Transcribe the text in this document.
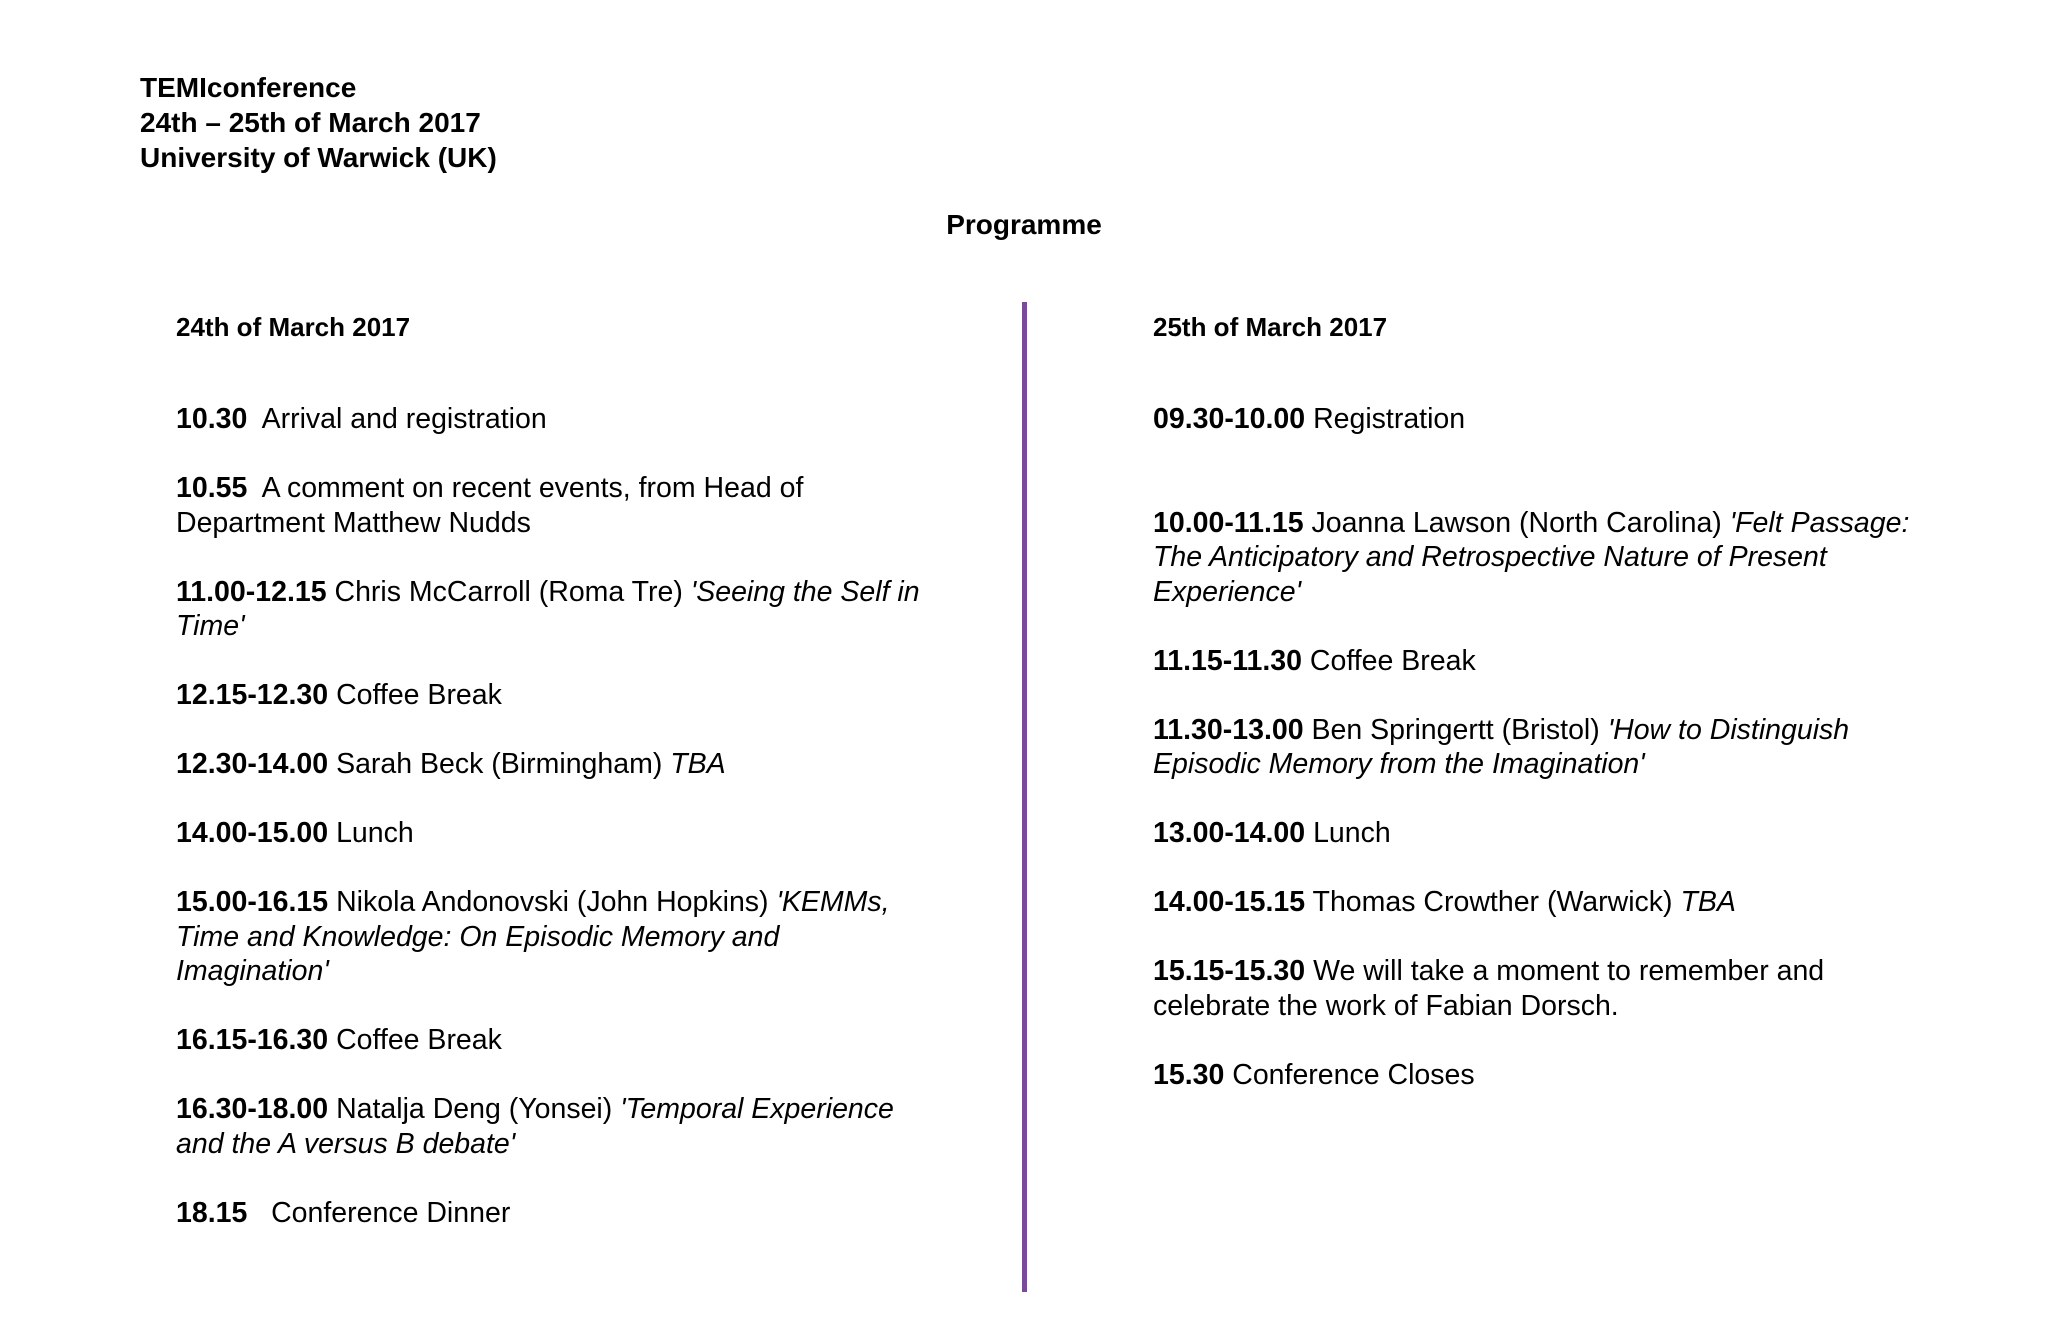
TEMIconference
24th – 25th of March 2017
University of Warwick (UK)
Programme
24th of March 2017
10.30 Arrival and registration
10.55 A comment on recent events, from Head of Department Matthew Nudds
11.00-12.15 Chris McCarroll (Roma Tre) 'Seeing the Self in Time'
12.15-12.30 Coffee Break
12.30-14.00 Sarah Beck (Birmingham) TBA
14.00-15.00 Lunch
15.00-16.15 Nikola Andonovski (John Hopkins) 'KEMMs, Time and Knowledge: On Episodic Memory and Imagination'
16.15-16.30 Coffee Break
16.30-18.00 Natalja Deng (Yonsei) 'Temporal Experience and the A versus B debate'
18.15 Conference Dinner
25th of March 2017
09.30-10.00 Registration
10.00-11.15 Joanna Lawson (North Carolina) 'Felt Passage: The Anticipatory and Retrospective Nature of Present Experience'
11.15-11.30 Coffee Break
11.30-13.00 Ben Springertt (Bristol) 'How to Distinguish Episodic Memory from the Imagination'
13.00-14.00 Lunch
14.00-15.15 Thomas Crowther (Warwick) TBA
15.15-15.30 We will take a moment to remember and celebrate the work of Fabian Dorsch.
15.30 Conference Closes
